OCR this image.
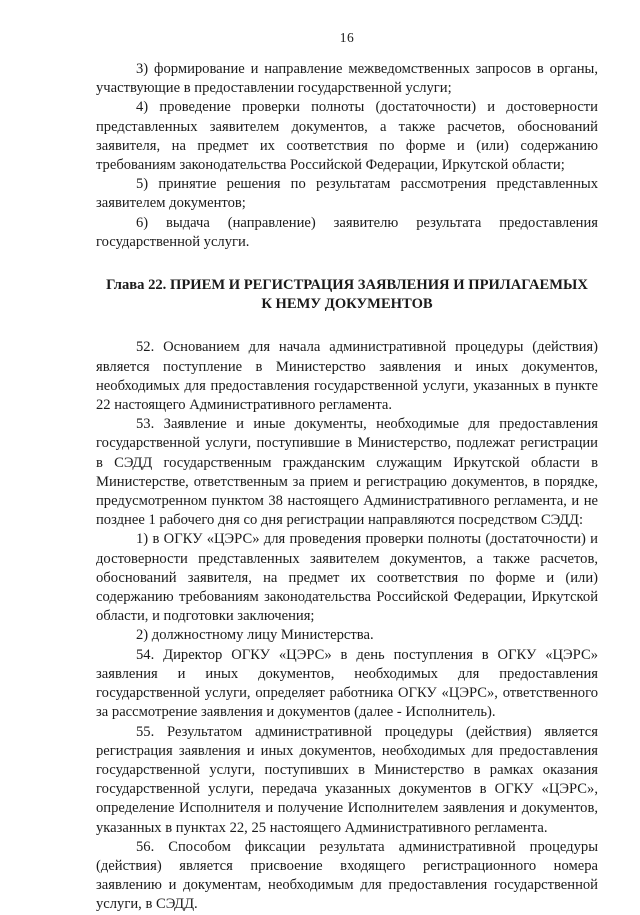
16

3) формирование и направление межведомственных запросов в органы, участвующие в предоставлении государственной услуги;

4) проведение проверки полноты (достаточности) и достоверности представленных заявителем документов, а также расчетов, обоснований заявителя, на предмет их соответствия по форме и (или) содержанию требованиям законодательства Российской Федерации, Иркутской области;

5) принятие решения по результатам рассмотрения представленных заявителем документов;

6) выдача (направление) заявителю результата предоставления государственной услуги.

Глава 22. ПРИЕМ И РЕГИСТРАЦИЯ ЗАЯВЛЕНИЯ И ПРИЛАГАЕМЫХ
К НЕМУ ДОКУМЕНТОВ

52. Основанием для начала административной процедуры (действия) является поступление в Министерство заявления и иных документов, необходимых для предоставления государственной услуги, указанных в пункте 22 настоящего Административного регламента.

53. Заявление и иные документы, необходимые для предоставления государственной услуги, поступившие в Министерство, подлежат регистрации в СЭДД государственным гражданским служащим Иркутской области в Министерстве, ответственным за прием и регистрацию документов, в порядке, предусмотренном пунктом 38 настоящего Административного регламента, и не позднее 1 рабочего дня со дня регистрации направляются посредством СЭДД:

1) в ОГКУ «ЦЭРС» для проведения проверки полноты (достаточности) и достоверности представленных заявителем документов, а также расчетов, обоснований заявителя, на предмет их соответствия по форме и (или) содержанию требованиям законодательства Российской Федерации, Иркутской области, и подготовки заключения;

2) должностному лицу Министерства.

54. Директор ОГКУ «ЦЭРС» в день поступления в ОГКУ «ЦЭРС» заявления и иных документов, необходимых для предоставления государственной услуги, определяет работника ОГКУ «ЦЭРС», ответственного за рассмотрение заявления и документов (далее - Исполнитель).

55. Результатом административной процедуры (действия) является регистрация заявления и иных документов, необходимых для предоставления государственной услуги, поступивших в Министерство в рамках оказания государственной услуги, передача указанных документов в ОГКУ «ЦЭРС», определение Исполнителя и получение Исполнителем заявления и документов, указанных в пунктах 22, 25 настоящего Административного регламента.

56. Способом фиксации результата административной процедуры (действия) является присвоение входящего регистрационного номера заявлению и документам, необходимым для предоставления государственной услуги, в СЭДД.
